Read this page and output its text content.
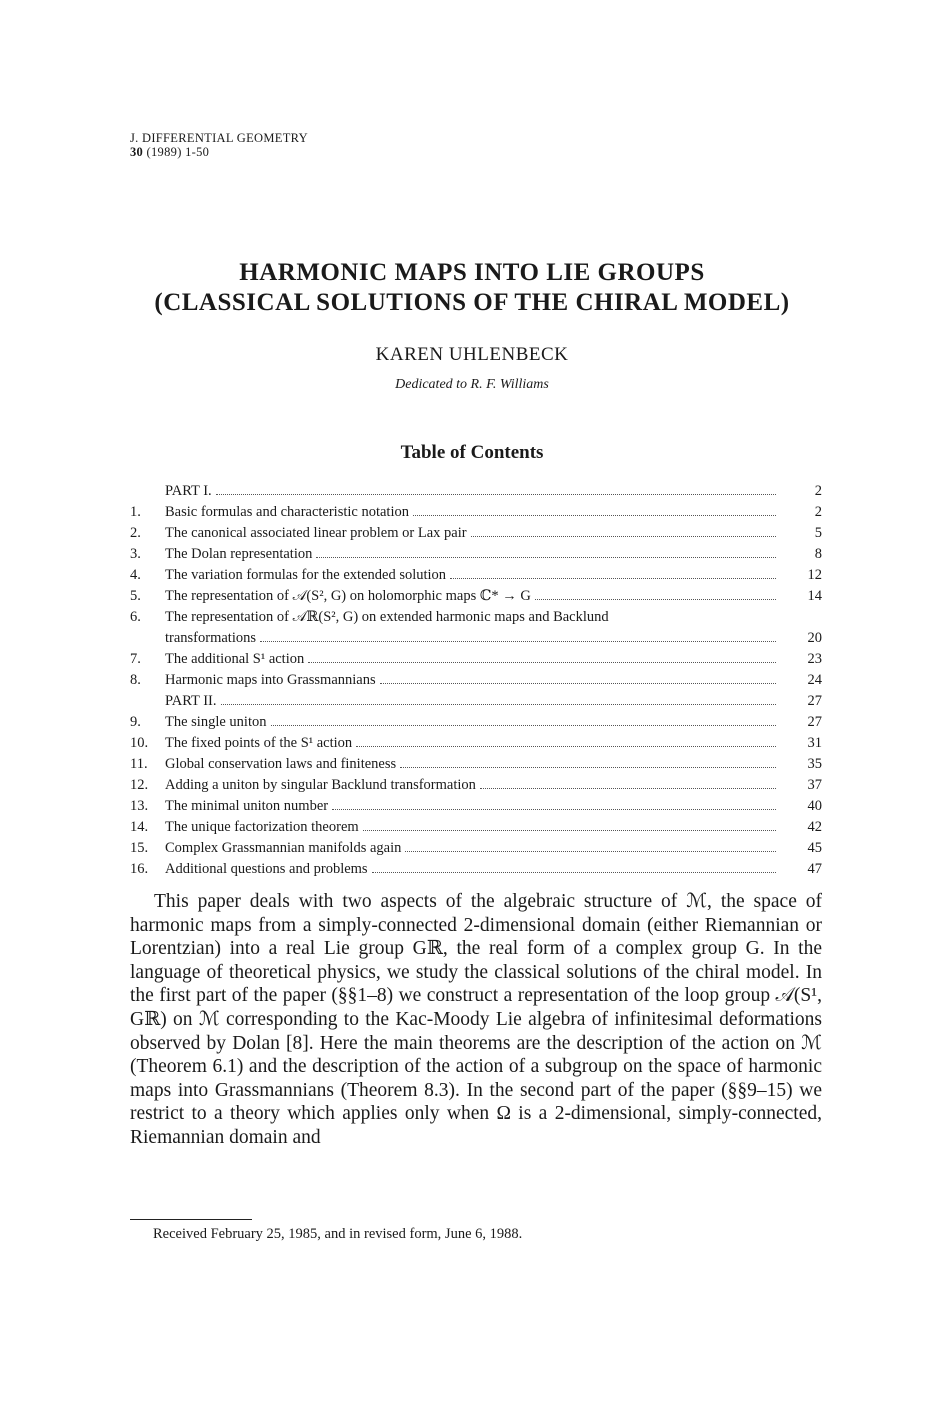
J. DIFFERENTIAL GEOMETRY
30 (1989) 1-50
HARMONIC MAPS INTO LIE GROUPS
(CLASSICAL SOLUTIONS OF THE CHIRAL MODEL)
KAREN UHLENBECK
Dedicated to R. F. Williams
Table of Contents
PART I.	2
1.	Basic formulas and characteristic notation	2
2.	The canonical associated linear problem or Lax pair	5
3.	The Dolan representation	8
4.	The variation formulas for the extended solution	12
5.	The representation of 𝒜(S², G) on holomorphic maps ℂ* → G	14
6.	The representation of 𝒜ℝ(S², G) on extended harmonic maps and Backlund
transformations	20
7.	The additional S¹ action	23
8.	Harmonic maps into Grassmannians	24
PART II.	27
9.	The single uniton	27
10.	The fixed points of the S¹ action	31
11.	Global conservation laws and finiteness	35
12.	Adding a uniton by singular Backlund transformation	37
13.	The minimal uniton number	40
14.	The unique factorization theorem	42
15.	Complex Grassmannian manifolds again	45
16.	Additional questions and problems	47

This paper deals with two aspects of the algebraic structure of ℳ, the space of harmonic maps from a simply-connected 2-dimensional domain (either Riemannian or Lorentzian) into a real Lie group Gℝ, the real form of a complex group G. In the language of theoretical physics, we study the classical solutions of the chiral model. In the first part of the paper (§§1–8) we construct a representation of the loop group 𝒜(S¹, Gℝ) on ℳ corresponding to the Kac-Moody Lie algebra of infinitesimal deformations observed by Dolan [8]. Here the main theorems are the description of the action on ℳ (Theorem 6.1) and the description of the action of a subgroup on the space of harmonic maps into Grassmannians (Theorem 8.3). In the second part of the paper (§§9–15) we restrict to a theory which applies only when Ω is a 2-dimensional, simply-connected, Riemannian domain and

Received February 25, 1985, and in revised form, June 6, 1988.
